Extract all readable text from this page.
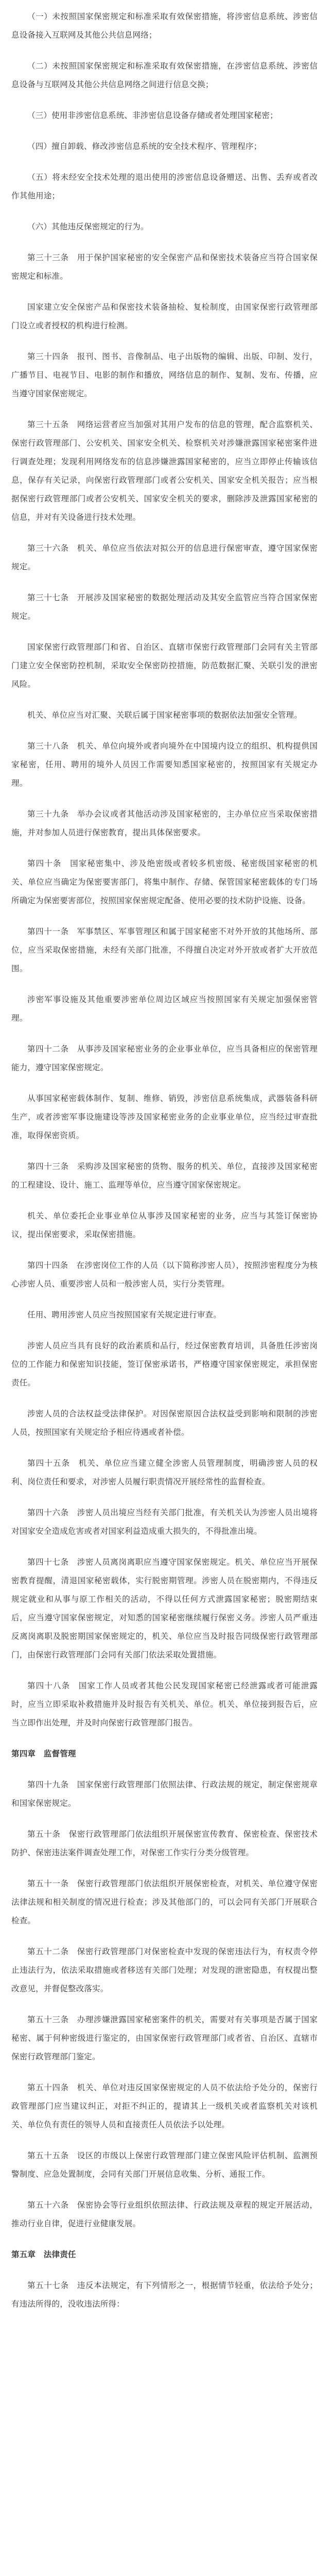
（一）未按照国家保密规定和标准采取有效保密措施，将涉密信息系统、涉密信息设备接入互联网及其他公共信息网络；

（二）未按照国家保密规定和标准采取有效保密措施，在涉密信息系统、涉密信息设备与互联网及其他公共信息网络之间进行信息交换；

（三）使用非涉密信息系统、非涉密信息设备存储或者处理国家秘密；

（四）擅自卸载、修改涉密信息系统的安全技术程序、管理程序；

（五）将未经安全技术处理的退出使用的涉密信息设备赠送、出售、丢弃或者改作其他用途；

（六）其他违反保密规定的行为。

第三十三条　用于保护国家秘密的安全保密产品和保密技术装备应当符合国家保密规定和标准。

国家建立安全保密产品和保密技术装备抽检、复检制度，由国家保密行政管理部门设立或者授权的机构进行检测。

第三十四条　报刊、图书、音像制品、电子出版物的编辑、出版、印制、发行，广播节目、电视节目、电影的制作和播放，网络信息的制作、复制、发布、传播，应当遵守国家保密规定。

第三十五条　网络运营者应当加强对其用户发布的信息的管理，配合监察机关、保密行政管理部门、公安机关、国家安全机关、检察机关对涉嫌泄露国家秘密案件进行调查处理；发现利用网络发布的信息涉嫌泄露国家秘密的，应当立即停止传输该信息，保存有关记录，向保密行政管理部门或者公安机关、国家安全机关报告；应当根据保密行政管理部门或者公安机关、国家安全机关的要求，删除涉及泄露国家秘密的信息，并对有关设备进行技术处理。

第三十六条　机关、单位应当依法对拟公开的信息进行保密审查，遵守国家保密规定。

第三十七条　开展涉及国家秘密的数据处理活动及其安全监管应当符合国家保密规定。

国家保密行政管理部门和省、自治区、直辖市保密行政管理部门会同有关主管部门建立安全保密防控机制，采取安全保密防控措施，防范数据汇聚、关联引发的泄密风险。

机关、单位应当对汇聚、关联后属于国家秘密事项的数据依法加强安全管理。

第三十八条　机关、单位向境外或者向境外在中国境内设立的组织、机构提供国家秘密，任用、聘用的境外人员因工作需要知悉国家秘密的，按照国家有关规定办理。

第三十九条　举办会议或者其他活动涉及国家秘密的，主办单位应当采取保密措施，并对参加人员进行保密教育，提出具体保密要求。

第四十条　国家秘密集中、涉及绝密级或者较多机密级、秘密级国家秘密的机关、单位应当确定为保密要害部门，将集中制作、存储、保管国家秘密载体的专门场所确定为保密要害部位，按照国家保密规定配备、使用必要的技术防护设施、设备。

第四十一条　军事禁区、军事管理区和属于国家秘密不对外开放的其他场所、部位，应当采取保密措施，未经有关部门批准，不得擅自决定对外开放或者扩大开放范围。

涉密军事设施及其他重要涉密单位周边区域应当按照国家有关规定加强保密管理。

第四十二条　从事涉及国家秘密业务的企业事业单位，应当具备相应的保密管理能力，遵守国家保密规定。

从事国家秘密载体制作、复制、维修、销毁，涉密信息系统集成，武器装备科研生产，或者涉密军事设施建设等涉及国家秘密业务的企业事业单位，应当经过审查批准，取得保密资质。

第四十三条　采购涉及国家秘密的货物、服务的机关、单位，直接涉及国家秘密的工程建设、设计、施工、监理等单位，应当遵守国家保密规定。

机关、单位委托企业事业单位从事涉及国家秘密的业务，应当与其签订保密协议，提出保密要求，采取保密措施。

第四十四条　在涉密岗位工作的人员（以下简称涉密人员），按照涉密程度分为核心涉密人员、重要涉密人员和一般涉密人员，实行分类管理。

任用、聘用涉密人员应当按照国家有关规定进行审查。

涉密人员应当具有良好的政治素质和品行，经过保密教育培训，具备胜任涉密岗位的工作能力和保密知识技能，签订保密承诺书，严格遵守国家保密规定，承担保密责任。

涉密人员的合法权益受法律保护。对因保密原因合法权益受到影响和限制的涉密人员，按照国家有关规定给予相应待遇或者补偿。

第四十五条　机关、单位应当建立健全涉密人员管理制度，明确涉密人员的权利、岗位责任和要求，对涉密人员履行职责情况开展经常性的监督检查。

第四十六条　涉密人员出境应当经有关部门批准，有关机关认为涉密人员出境将对国家安全造成危害或者对国家利益造成重大损失的，不得批准出境。

第四十七条　涉密人员离岗离职应当遵守国家保密规定。机关、单位应当开展保密教育提醒，清退国家秘密载体，实行脱密期管理。涉密人员在脱密期内，不得违反规定就业和从事与原工作相关的活动，不得以任何方式泄露国家秘密；脱密期结束后，应当遵守国家保密规定，对知悉的国家秘密继续履行保密义务。涉密人员严重违反离岗离职及脱密期国家保密规定的，机关、单位应当及时报告同级保密行政管理部门，由保密行政管理部门会同有关部门依法采取处置措施。

第四十八条　国家工作人员或者其他公民发现国家秘密已经泄露或者可能泄露时，应当立即采取补救措施并及时报告有关机关、单位。机关、单位接到报告后，应当立即作出处理，并及时向保密行政管理部门报告。

第四章　监督管理

第四十九条　国家保密行政管理部门依照法律、行政法规的规定，制定保密规章和国家保密规定。

第五十条　保密行政管理部门依法组织开展保密宣传教育、保密检查、保密技术防护、保密违法案件调查处理工作，对保密工作实行分类分级管理。

第五十一条　保密行政管理部门依法组织开展保密检查，对机关、单位遵守保密法律法规和相关制度的情况进行检查；涉及其他部门的，可以会同有关部门开展联合检查。

第五十二条　保密行政管理部门对保密检查中发现的保密违法行为，有权责令停止违法行为，依法采取措施或者移送有关部门处理；对发现的泄密隐患，有权提出整改意见，并督促整改落实。

第五十三条　办理涉嫌泄露国家秘密案件的机关，需要对有关事项是否属于国家秘密、属于何种密级进行鉴定的，由国家保密行政管理部门或者省、自治区、直辖市保密行政管理部门鉴定。

第五十四条　机关、单位对违反国家保密规定的人员不依法给予处分的，保密行政管理部门应当建议纠正，对拒不纠正的，提请其上一级机关或者监察机关对该机关、单位负有责任的领导人员和直接责任人员依法予以处理。

第五十五条　设区的市级以上保密行政管理部门建立保密风险评估机制、监测预警制度、应急处置制度，会同有关部门开展信息收集、分析、通报工作。

第五十六条　保密协会等行业组织依照法律、行政法规及章程的规定开展活动，推动行业自律，促进行业健康发展。

第五章　法律责任

第五十七条　违反本法规定，有下列情形之一，根据情节轻重，依法给予处分；有违法所得的，没收违法所得：
